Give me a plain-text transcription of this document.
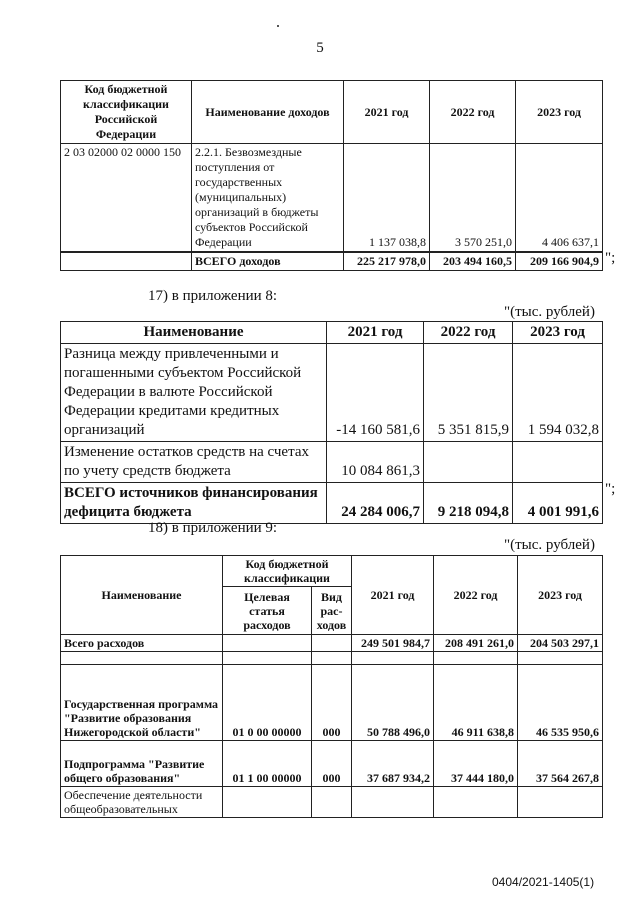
5
Код бюджетной классификации Российской Федерации	Наименование доходов	2021 год	2022 год	2023 год
2 03 02000 02 0000 150	2.2.1. Безвозмездные поступления от государственных (муниципальных) организаций в бюджеты субъектов Российской Федерации	1 137 038,8	3 570 251,0	4 406 637,1
	ВСЕГО доходов	225 217 978,0	203 494 160,5	209 166 904,9 ";
17) в приложении 8:
"(тыс. рублей)
Наименование	2021 год	2022 год	2023 год
Разница между привлеченными и погашенными субъектом Российской Федерации в валюте Российской Федерации кредитами кредитных организаций	-14 160 581,6	5 351 815,9	1 594 032,8
Изменение остатков средств на счетах по учету средств бюджета	10 084 861,3		
ВСЕГО источников финансирования дефицита бюджета	24 284 006,7	9 218 094,8	4 001 991,6
";
18) в приложении 9:
"(тыс. рублей)
Наименование	Код бюджетной классификации		2021 год	2022 год	2023 год
	Целевая статья расходов	Вид рас-ходов			
Всего расходов			249 501 984,7	208 491 261,0	204 503 297,1

Государственная программа "Развитие образования Нижегородской области"	01 0 00 00000	000	50 788 496,0	46 911 638,8	46 535 950,6
Подпрограмма "Развитие общего образования"	01 1 00 00000	000	37 687 934,2	37 444 180,0	37 564 267,8
Обеспечение деятельности общеобразовательных					
0404/2021-1405(1)
